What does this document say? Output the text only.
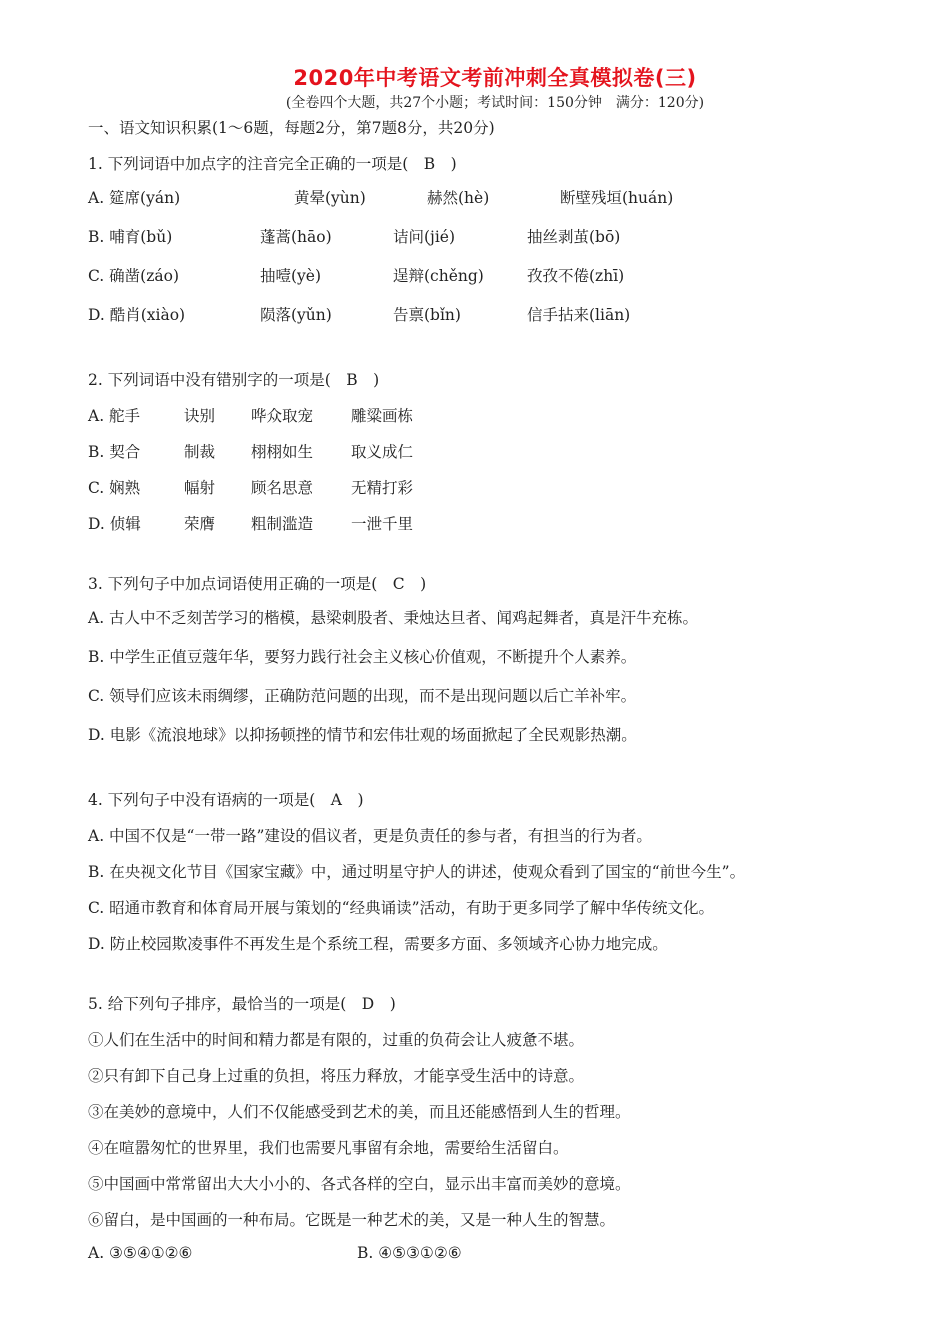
2020年中考语文考前冲刺全真模拟卷(三)
(全卷四个大题，共27个小题；考试时间：150分钟　满分：120分)
一、语文知识积累(1～6题，每题2分，第7题8分，共20分)
1. 下列词语中加点字的注音完全正确的一项是(　B　)
A. 筵席(yán)	黄晕(yùn)	赫然(hè)	断壁残垣(huán)
B. 哺育(bǔ)	蓬蒿(hāo)	诘问(jié)	抽丝剥茧(bō)
C. 确凿(záo)	抽噎(yè)	逞辩(chěng)	孜孜不倦(zhī)
D. 酷肖(xiào)	陨落(yǔn)	告禀(bǐn)	信手拈来(liān)
2. 下列词语中没有错别字的一项是(　B　)
A. 舵手	诀别 哗众取宠 雕粱画栋
B. 契合	制裁 栩栩如生 取义成仁
C. 娴熟	幅射 顾名思意 无精打彩
D. 侦辑	荣膺 粗制滥造 一泄千里
3. 下列句子中加点词语使用正确的一项是(　C　)
A. 古人中不乏刻苦学习的楷模，悬梁刺股者、秉烛达旦者、闻鸡起舞者，真是汗牛充栋。
B. 中学生正值豆蔻年华，要努力践行社会主义核心价值观，不断提升个人素养。
C. 领导们应该未雨绸缪，正确防范问题的出现，而不是出现问题以后亡羊补牢。
D. 电影《流浪地球》以抑扬顿挫的情节和宏伟壮观的场面掀起了全民观影热潮。
4. 下列句子中没有语病的一项是(　A　)
A. 中国不仅是“一带一路”建设的倡议者，更是负责任的参与者，有担当的行为者。
B. 在央视文化节目《国家宝藏》中，通过明星守护人的讲述，使观众看到了国宝的“前世今生”。
C. 昭通市教育和体育局开展与策划的“经典诵读”活动，有助于更多同学了解中华传统文化。
D. 防止校园欺凌事件不再发生是个系统工程，需要多方面、多领域齐心协力地完成。
5. 给下列句子排序，最恰当的一项是(　D　)
①人们在生活中的时间和精力都是有限的，过重的负荷会让人疲惫不堪。
②只有卸下自己身上过重的负担，将压力释放，才能享受生活中的诗意。
③在美妙的意境中，人们不仅能感受到艺术的美，而且还能感悟到人生的哲理。
④在喧嚣匆忙的世界里，我们也需要凡事留有余地，需要给生活留白。
⑤中国画中常常留出大大小小的、各式各样的空白，显示出丰富而美妙的意境。
⑥留白，是中国画的一种布局。它既是一种艺术的美，又是一种人生的智慧。
A. ③⑤④①②⑥	B. ④⑤③①②⑥
